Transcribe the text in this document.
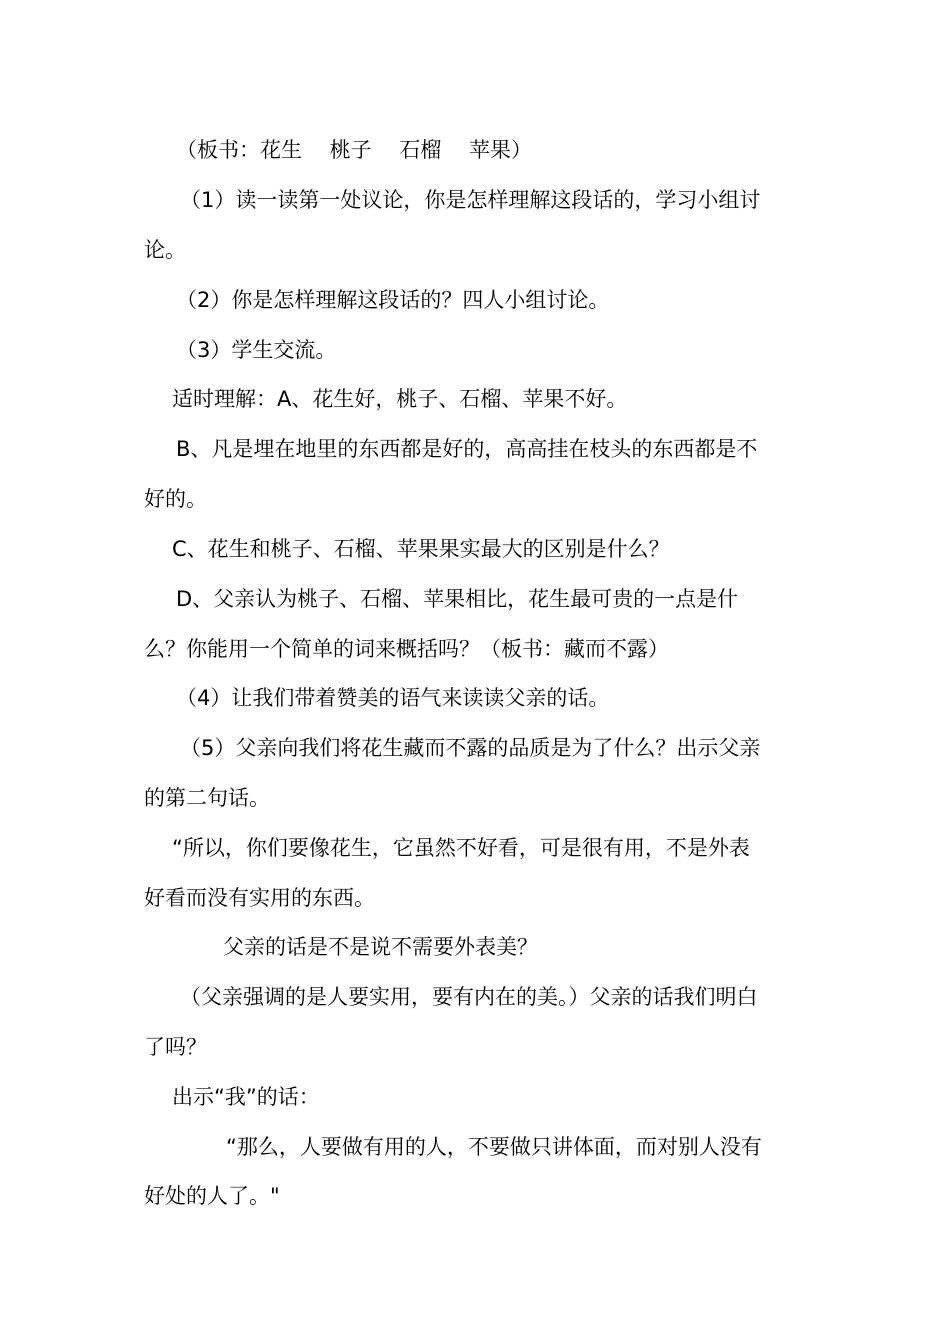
（板书：花生　 桃子　 石榴　 苹果）

（1）读一读第一处议论，你是怎样理解这段话的，学习小组讨

论。

（2）你是怎样理解这段话的？四人小组讨论。

（3）学生交流。

适时理解：A、花生好，桃子、石榴、苹果不好。

B、凡是埋在地里的东西都是好的，高高挂在枝头的东西都是不

好的。

C、花生和桃子、石榴、苹果果实最大的区别是什么？

D、父亲认为桃子、石榴、苹果相比，花生最可贵的一点是什

么？你能用一个简单的词来概括吗？（板书：藏而不露）

（4）让我们带着赞美的语气来读读父亲的话。

（5）父亲向我们将花生藏而不露的品质是为了什么？出示父亲

的第二句话。

“所以，你们要像花生，它虽然不好看，可是很有用，不是外表

好看而没有实用的东西。

父亲的话是不是说不需要外表美？

（父亲强调的是人要实用，要有内在的美。）父亲的话我们明白

了吗？

出示“我”的话：

“那么，人要做有用的人，不要做只讲体面，而对别人没有

好处的人了。"
